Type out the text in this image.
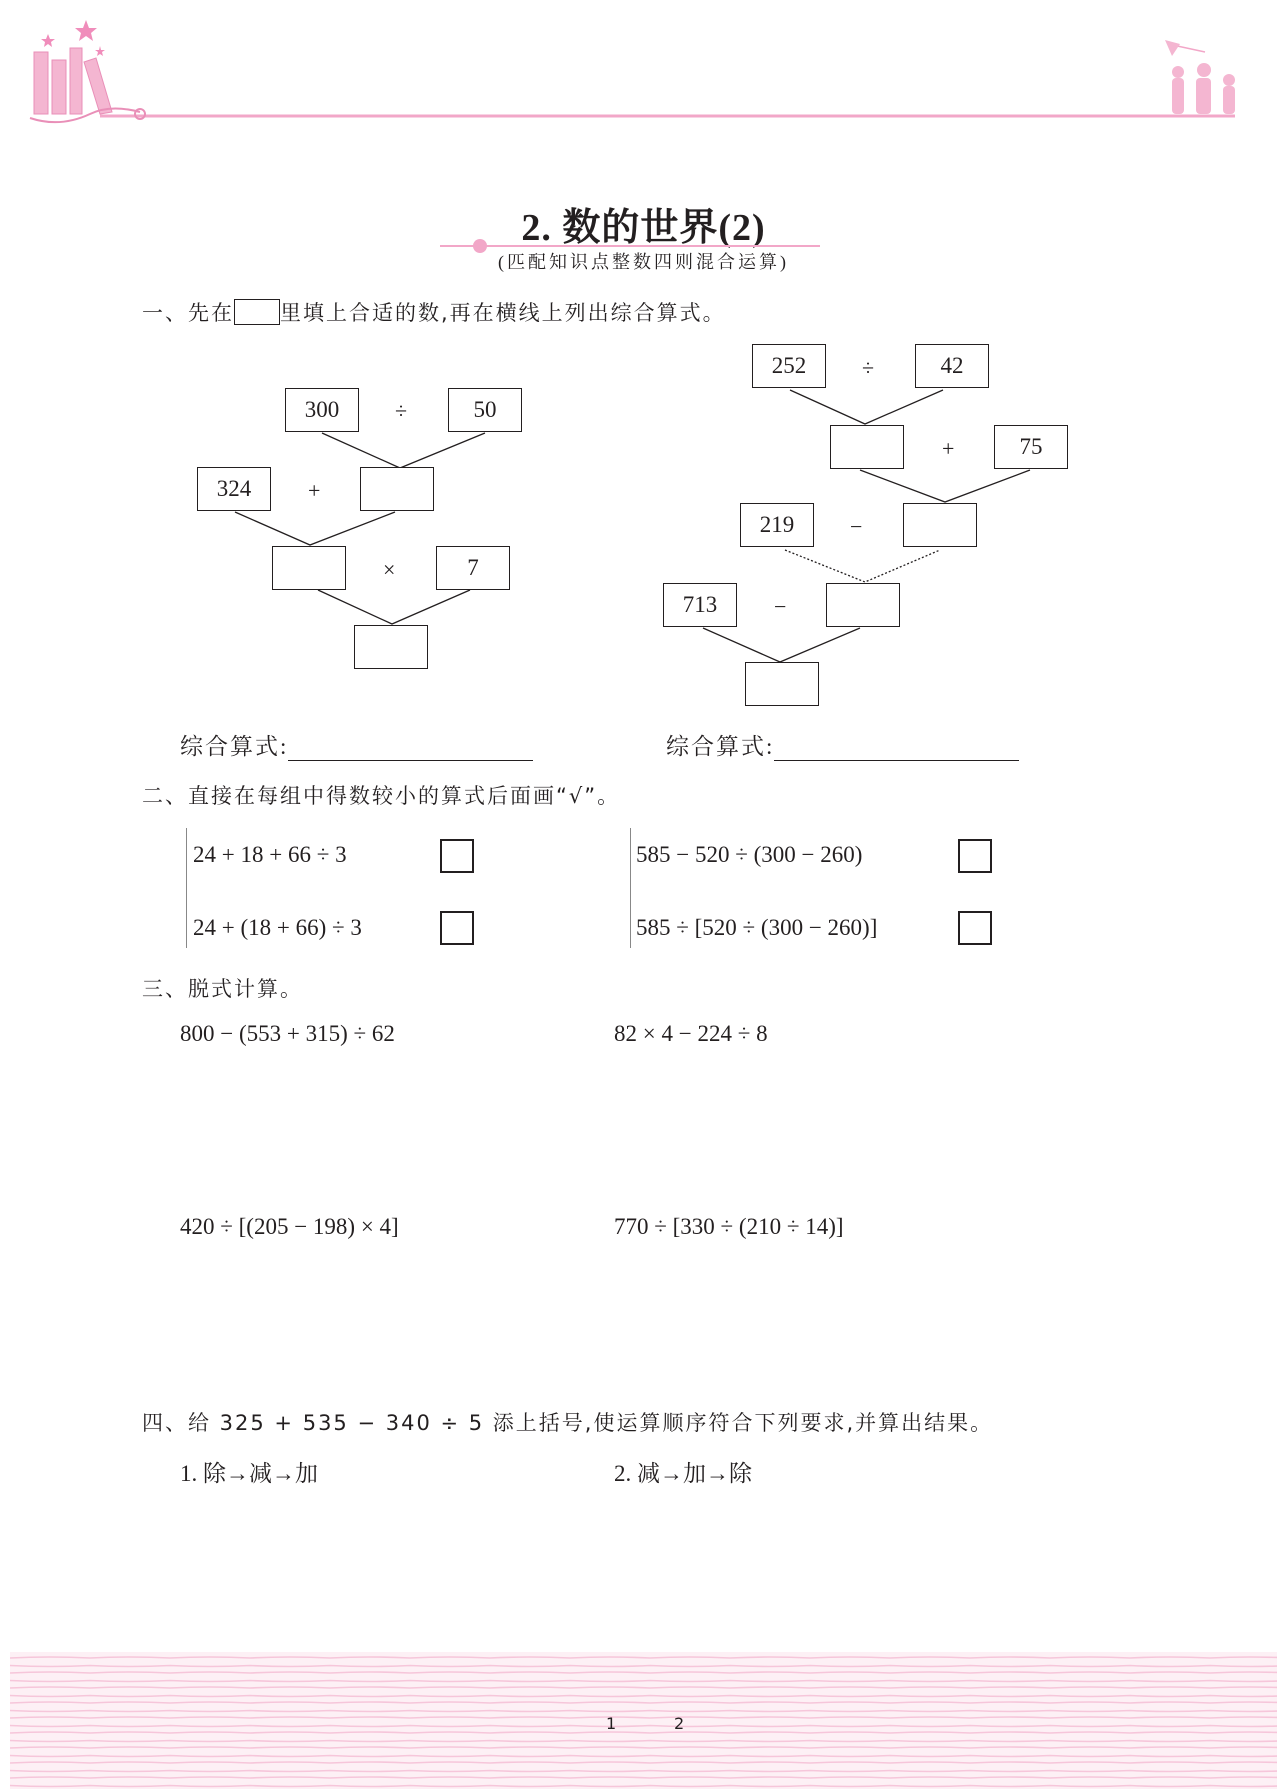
2. 数的世界(2)
(匹配知识点整数四则混合运算)
一、先在 里填上合适的数,再在横线上列出综合算式。
300	÷	50
324	+
×	7
252	÷	42
+	75
219	−
713	−
综合算式:	综合算式:
二、直接在每组中得数较小的算式后面画“√”。
24 + 18 + 66 ÷ 3
24 + (18 + 66) ÷ 3
585 − 520 ÷ (300 − 260)
585 ÷ [520 ÷ (300 − 260)]
三、脱式计算。
800 − (553 + 315) ÷ 62	82 × 4 − 224 ÷ 8
420 ÷ [(205 − 198) × 4]	770 ÷ [330 ÷ (210 ÷ 14)]
四、给 325 + 535 − 340 ÷ 5 添上括号,使运算顺序符合下列要求,并算出结果。
1. 除→减→加	2. 减→加→除
1	2
